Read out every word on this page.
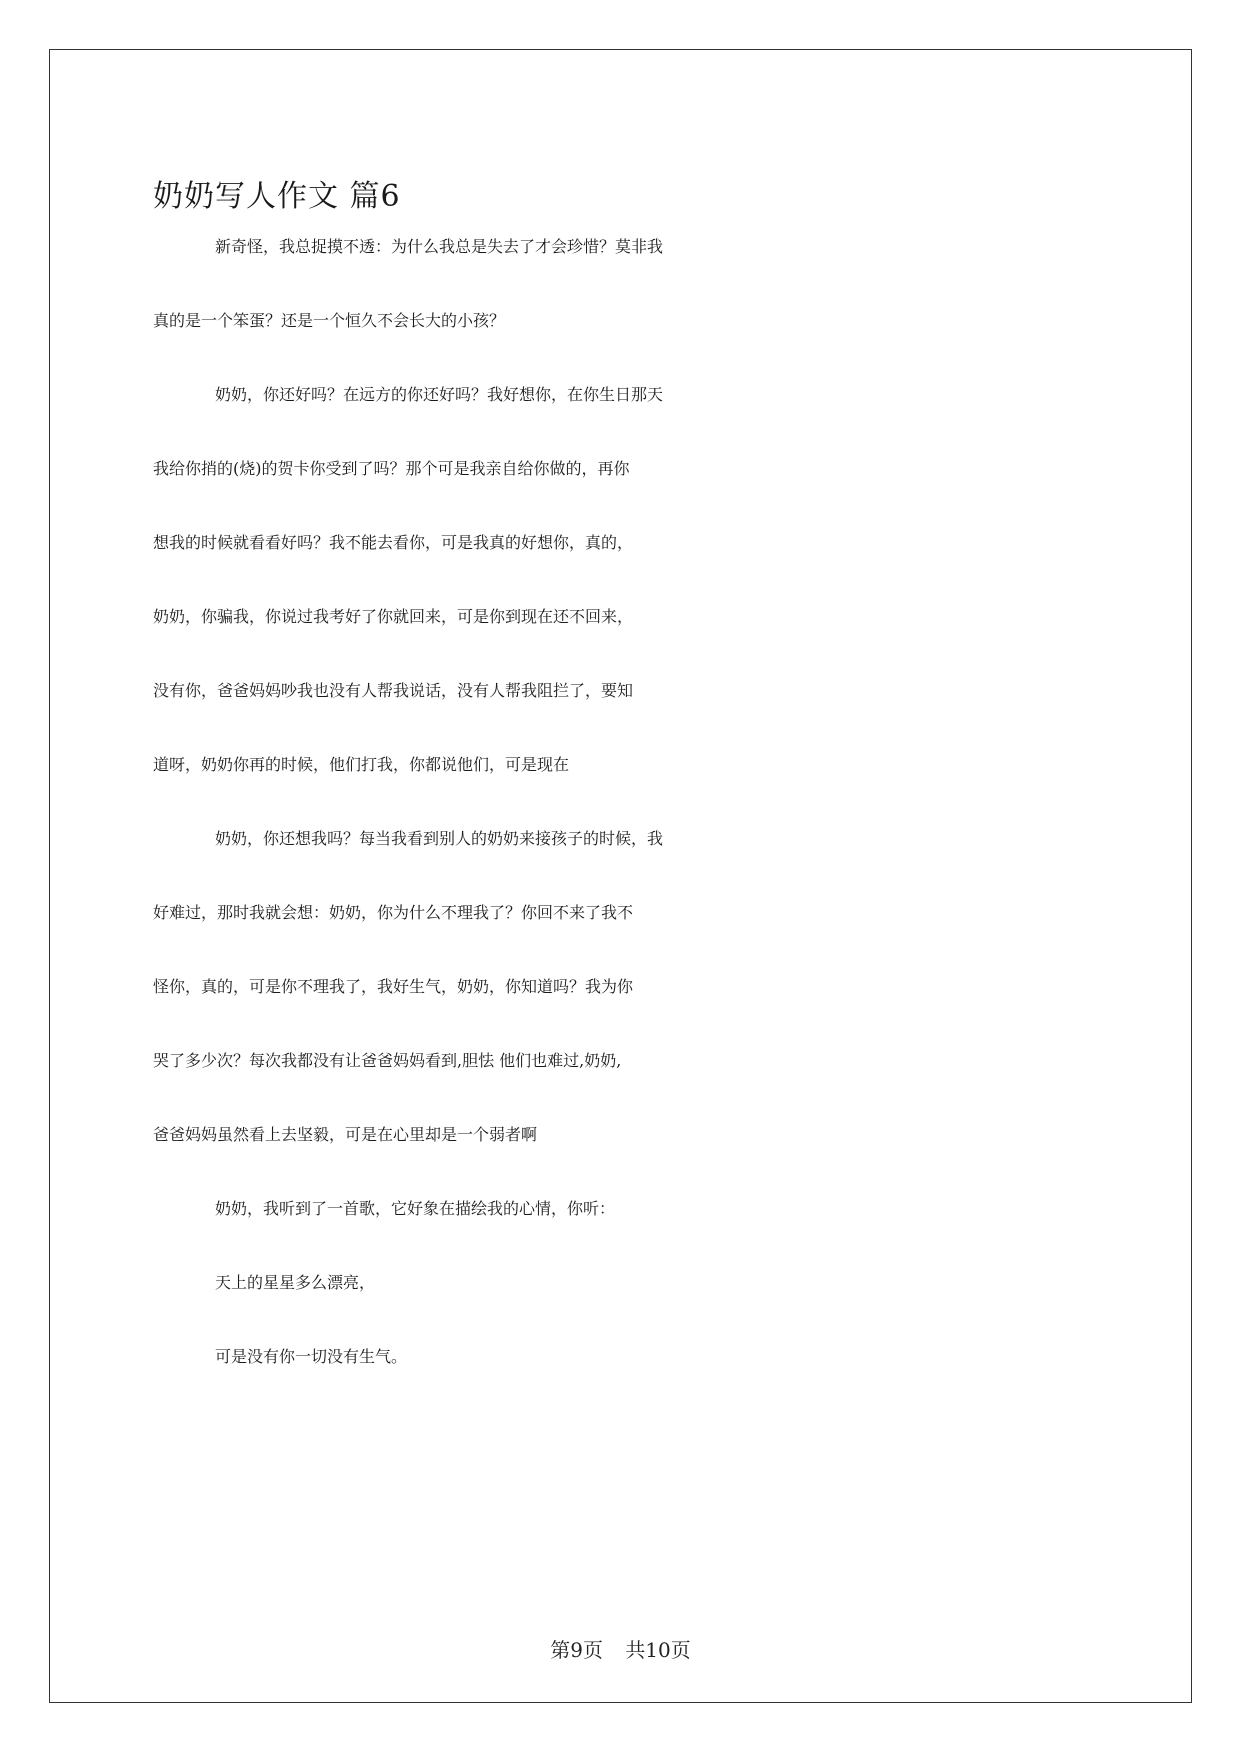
奶奶写人作文 篇6
新奇怪，我总捉摸不透：为什么我总是失去了才会珍惜？莫非我
真的是一个笨蛋？还是一个恒久不会长大的小孩？
奶奶，你还好吗？在远方的你还好吗？我好想你，在你生日那天
我给你捎的(烧)的贺卡你受到了吗？那个可是我亲自给你做的，再你
想我的时候就看看好吗？我不能去看你，可是我真的好想你，真的，
奶奶，你骗我，你说过我考好了你就回来，可是你到现在还不回来，
没有你，爸爸妈妈吵我也没有人帮我说话，没有人帮我阻拦了，要知
道呀，奶奶你再的时候，他们打我，你都说他们，可是现在
奶奶，你还想我吗？每当我看到别人的奶奶来接孩子的时候，我
好难过，那时我就会想：奶奶，你为什么不理我了？你回不来了我不
怪你，真的，可是你不理我了，我好生气，奶奶，你知道吗？我为你
哭了多少次？每次我都没有让爸爸妈妈看到,胆怯 他们也难过,奶奶,
爸爸妈妈虽然看上去坚毅，可是在心里却是一个弱者啊
奶奶，我听到了一首歌，它好象在描绘我的心情，你听：
天上的星星多么漂亮，
可是没有你一切没有生气。
第9页 共10页
